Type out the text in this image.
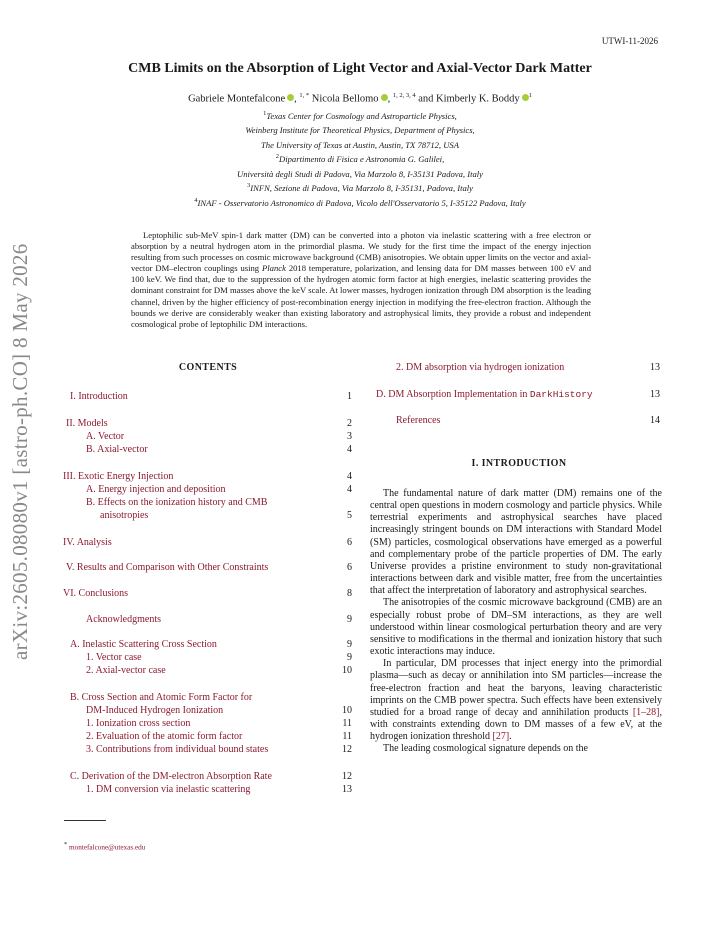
UTWI-11-2026
arXiv:2605.08080v1 [astro-ph.CO] 8 May 2026
CMB Limits on the Absorption of Light Vector and Axial-Vector Dark Matter
Gabriele Montefalcone , $^{1, *}$ Nicola Bellomo , $^{1, 2, 3, 4}$ and Kimberly K. Boddy $^1$
$^1$Texas Center for Cosmology and Astroparticle Physics,
Weinberg Institute for Theoretical Physics, Department of Physics,
The University of Texas at Austin, Austin, TX 78712, USA
$^2$Dipartimento di Fisica e Astronomia G. Galilei,
Università degli Studi di Padova, Via Marzolo 8, I-35131 Padova, Italy
$^3$INFN, Sezione di Padova, Via Marzolo 8, I-35131, Padova, Italy
$^4$INAF - Osservatorio Astronomico di Padova, Vicolo dell'Osservatorio 5, I-35122 Padova, Italy
Leptophilic sub-MeV spin-1 dark matter (DM) can be converted into a photon via inelastic scattering with a free electron or absorption by a neutral hydrogen atom in the primordial plasma. We study for the first time the impact of the energy injection resulting from such processes on cosmic microwave background (CMB) anisotropies. We obtain upper limits on the vector and axial-vector DM–electron couplings using Planck 2018 temperature, polarization, and lensing data for DM masses between 100 eV and 100 keV. We find that, due to the suppression of the hydrogen atomic form factor at high energies, inelastic scattering provides the dominant constraint for DM masses above the keV scale. At lower masses, hydrogen ionization through DM absorption is the leading channel, driven by the higher efficiency of post-recombination energy injection in modifying the free-electron fraction. Although the bounds we derive are considerably weaker than existing laboratory and astrophysical limits, they provide a robust and independent cosmological probe of leptophilic DM interactions.
CONTENTS
I. Introduction	1
II. Models	2
A. Vector	3
B. Axial-vector	4
III. Exotic Energy Injection	4
A. Energy injection and deposition	4
B. Effects on the ionization history and CMB
anisotropies	5
IV. Analysis	6
V. Results and Comparison with Other Constraints	6
VI. Conclusions	8
Acknowledgments	9
A. Inelastic Scattering Cross Section	9
1. Vector case	9
2. Axial-vector case	10
B. Cross Section and Atomic Form Factor for
DM-Induced Hydrogen Ionization	10
1. Ionization cross section	11
2. Evaluation of the atomic form factor	11
3. Contributions from individual bound states	12
C. Derivation of the DM-electron Absorption Rate	12
1. DM conversion via inelastic scattering	13
2. DM absorption via hydrogen ionization	13
D. DM Absorption Implementation in DarkHistory	13
References	14
* montefalcone@utexas.edu
I. INTRODUCTION

The fundamental nature of dark matter (DM) remains one of the central open questions in modern cosmology and particle physics. While terrestrial experiments and astrophysical searches have placed increasingly stringent bounds on DM interactions with Standard Model (SM) particles, cosmological observations have emerged as a powerful and complementary probe of the particle properties of DM. The early Universe provides a pristine environment to study non-gravitational interactions between dark and visible matter, free from the uncertainties that affect the interpretation of laboratory and astrophysical searches.

The anisotropies of the cosmic microwave background (CMB) are an especially robust probe of DM–SM interactions, as they are well understood within linear cosmological perturbation theory and are very sensitive to modifications in the thermal and ionization history that such exotic interactions may induce.

In particular, DM processes that inject energy into the primordial plasma—such as decay or annihilation into SM particles—increase the free-electron fraction and heat the baryons, leaving characteristic imprints on the CMB power spectra. Such effects have been extensively studied for a broad range of decay and annihilation products [1–28], with constraints extending down to DM masses of a few eV, at the hydrogen ionization threshold [27].

The leading cosmological signature depends on the
